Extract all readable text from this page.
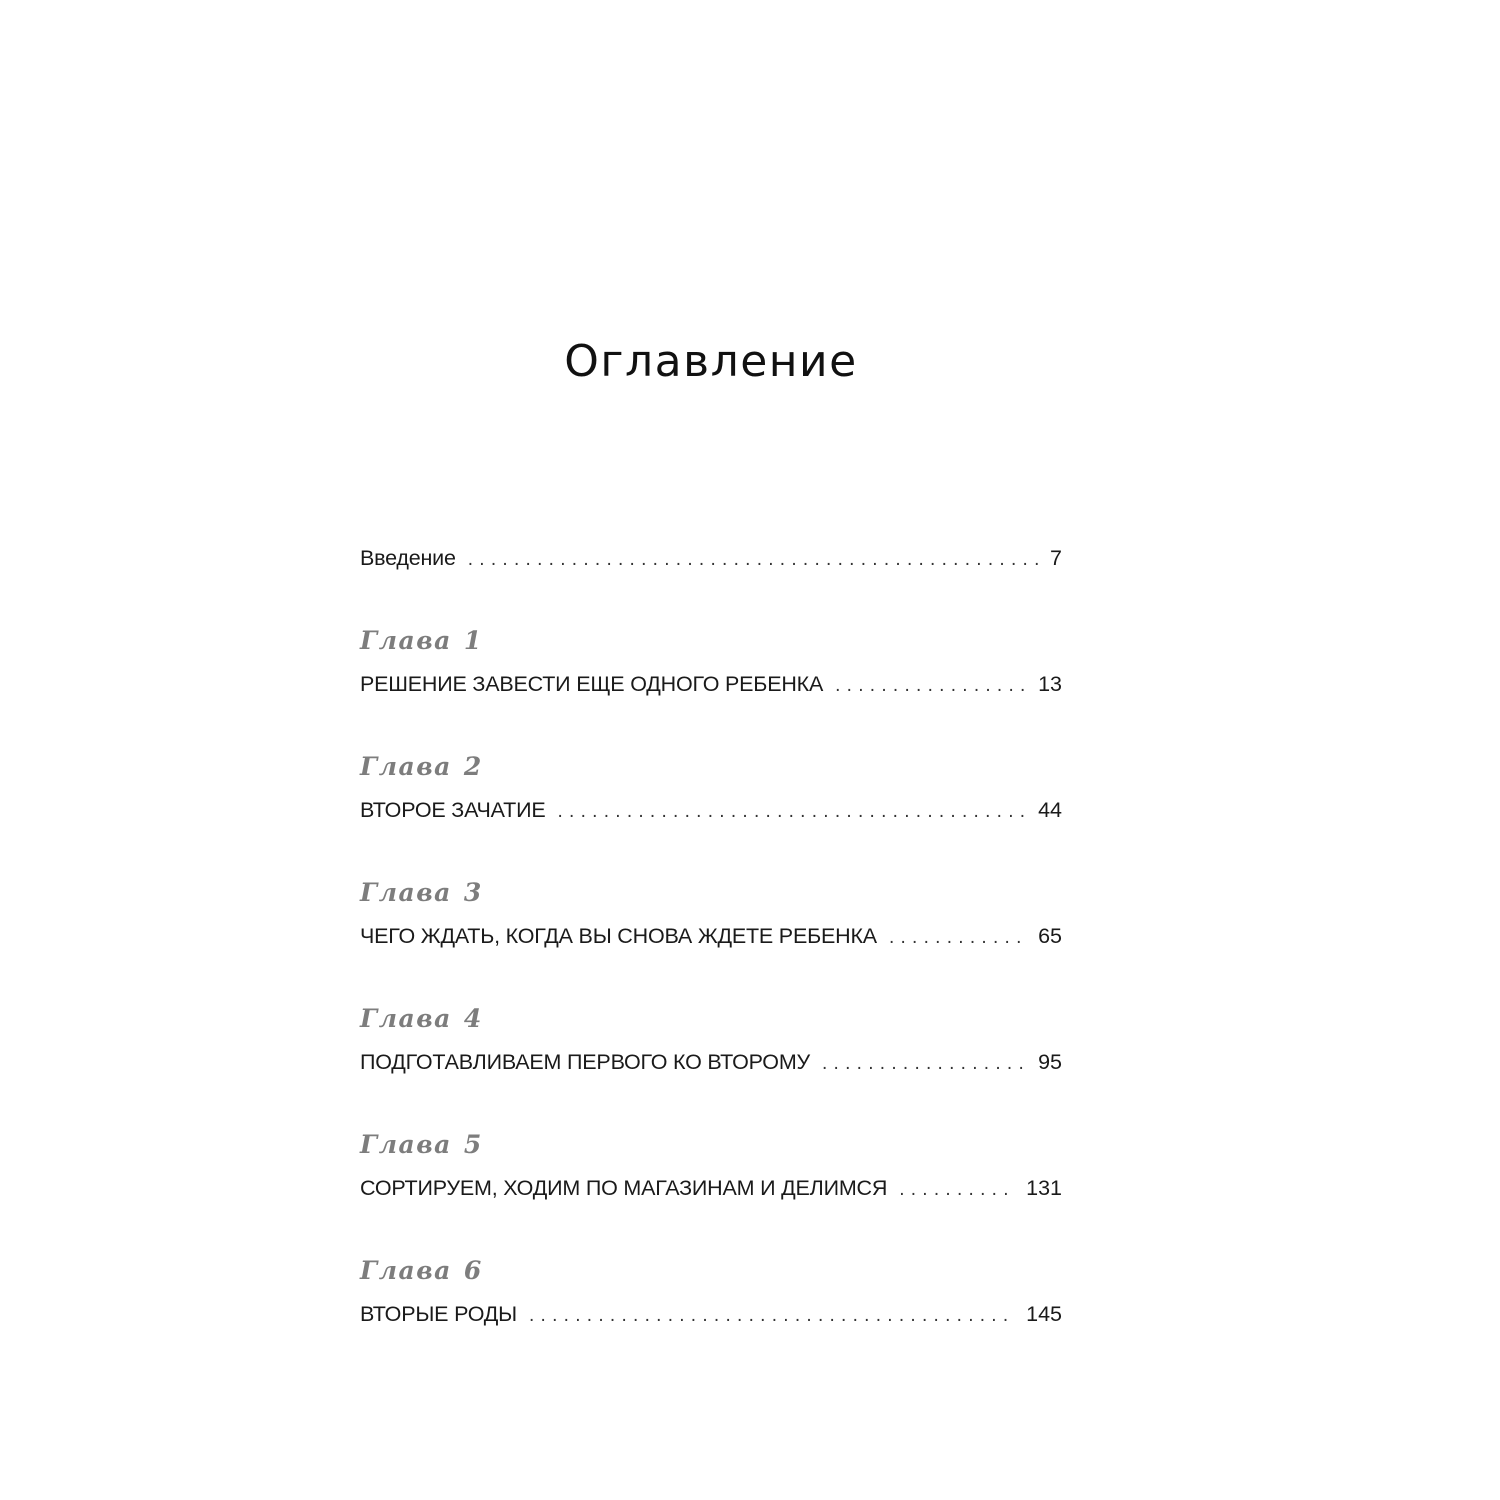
Оглавление
Введение . . .	7
Глава 1
РЕШЕНИЕ ЗАВЕСТИ ЕЩЕ ОДНОГО РЕБЕНКА . . .	13
Глава 2
ВТОРОЕ ЗАЧАТИЕ . . .	44
Глава 3
ЧЕГО ЖДАТЬ, КОГДА ВЫ СНОВА ЖДЕТЕ РЕБЕНКА . . .	65
Глава 4
ПОДГОТАВЛИВАЕМ ПЕРВОГО КО ВТОРОМУ . . .	95
Глава 5
СОРТИРУЕМ, ХОДИМ ПО МАГАЗИНАМ И ДЕЛИМСЯ . . .	131
Глава 6
ВТОРЫЕ РОДЫ . . .	145
